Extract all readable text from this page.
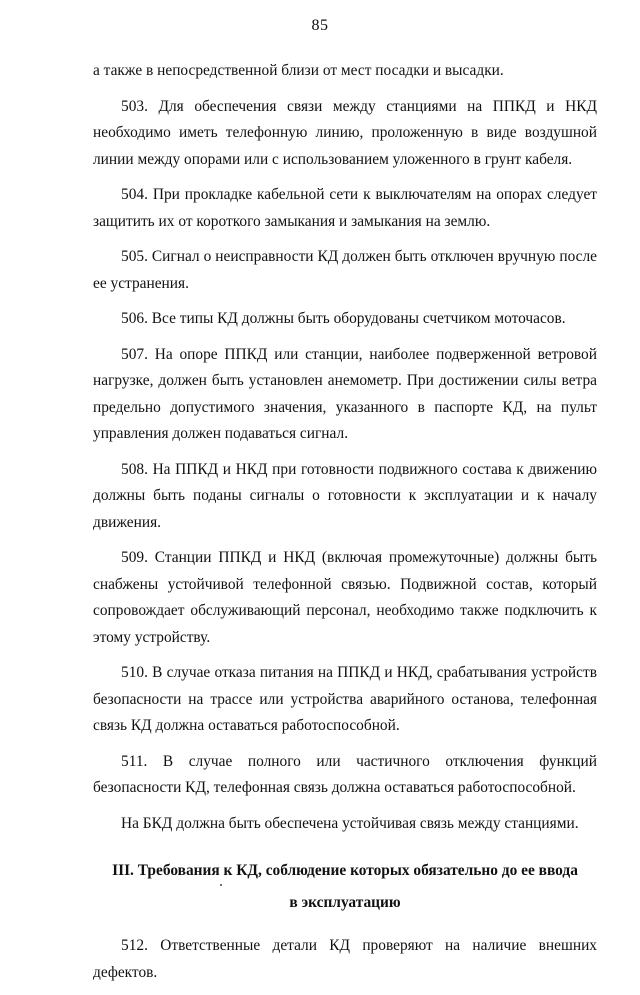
85

а также в непосредственной близи от мест посадки и высадки.

503. Для обеспечения связи между станциями на ППКД и НКД необходимо иметь телефонную линию, проложенную в виде воздушной линии между опорами или с использованием уложенного в грунт кабеля.

504. При прокладке кабельной сети к выключателям на опорах следует защитить их от короткого замыкания и замыкания на землю.

505. Сигнал о неисправности КД должен быть отключен вручную после ее устранения.

506. Все типы КД должны быть оборудованы счетчиком моточасов.

507. На опоре ППКД или станции, наиболее подверженной ветровой нагрузке, должен быть установлен анемометр. При достижении силы ветра предельно допустимого значения, указанного в паспорте КД, на пульт управления должен подаваться сигнал.

508. На ППКД и НКД при готовности подвижного состава к движению должны быть поданы сигналы о готовности к эксплуатации и к началу движения.

509. Станции ППКД и НКД (включая промежуточные) должны быть снабжены устойчивой телефонной связью. Подвижной состав, который сопровождает обслуживающий персонал, необходимо также подключить к этому устройству.

510. В случае отказа питания на ППКД и НКД, срабатывания устройств безопасности на трассе или устройства аварийного останова, телефонная связь КД должна оставаться работоспособной.

511. В случае полного или частичного отключения функций безопасности КД, телефонная связь должна оставаться работоспособной.

На БКД должна быть обеспечена устойчивая связь между станциями.

III. Требования к КД, соблюдение которых обязательно до ее ввода
в эксплуатацию

512. Ответственные детали КД проверяют на наличие внешних дефектов.
